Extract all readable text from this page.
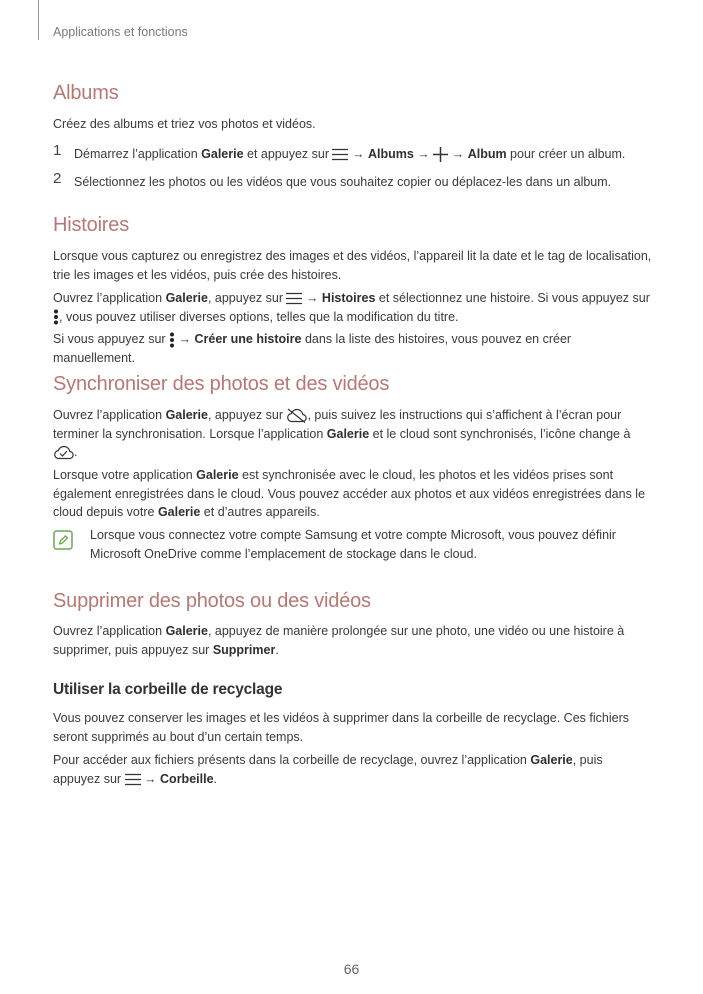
Applications et fonctions
Albums

Créez des albums et triez vos photos et vidéos.

1 Démarrez l’application Galerie et appuyez sur  → Albums →  → Album pour créer un album.
2 Sélectionnez les photos ou les vidéos que vous souhaitez copier ou déplacez-les dans un album.
Histoires

Lorsque vous capturez ou enregistrez des images et des vidéos, l’appareil lit la date et le tag de localisation, trie les images et les vidéos, puis crée des histoires.

Ouvrez l’application Galerie, appuyez sur  → Histoires et sélectionnez une histoire. Si vous appuyez sur , vous pouvez utiliser diverses options, telles que la modification du titre.

Si vous appuyez sur  → Créer une histoire dans la liste des histoires, vous pouvez en créer manuellement.

Synchroniser des photos et des vidéos

Ouvrez l’application Galerie, appuyez sur , puis suivez les instructions qui s’affichent à l’écran pour terminer la synchronisation. Lorsque l’application Galerie et le cloud sont synchronisés, l’icône change à .

Lorsque votre application Galerie est synchronisée avec le cloud, les photos et les vidéos prises sont également enregistrées dans le cloud. Vous pouvez accéder aux photos et aux vidéos enregistrées dans le cloud depuis votre Galerie et d’autres appareils.

Lorsque vous connectez votre compte Samsung et votre compte Microsoft, vous pouvez définir Microsoft OneDrive comme l’emplacement de stockage dans le cloud.

Supprimer des photos ou des vidéos

Ouvrez l’application Galerie, appuyez de manière prolongée sur une photo, une vidéo ou une histoire à supprimer, puis appuyez sur Supprimer.

Utiliser la corbeille de recyclage

Vous pouvez conserver les images et les vidéos à supprimer dans la corbeille de recyclage. Ces fichiers seront supprimés au bout d’un certain temps.

Pour accéder aux fichiers présents dans la corbeille de recyclage, ouvrez l’application Galerie, puis appuyez sur  → Corbeille.

66
